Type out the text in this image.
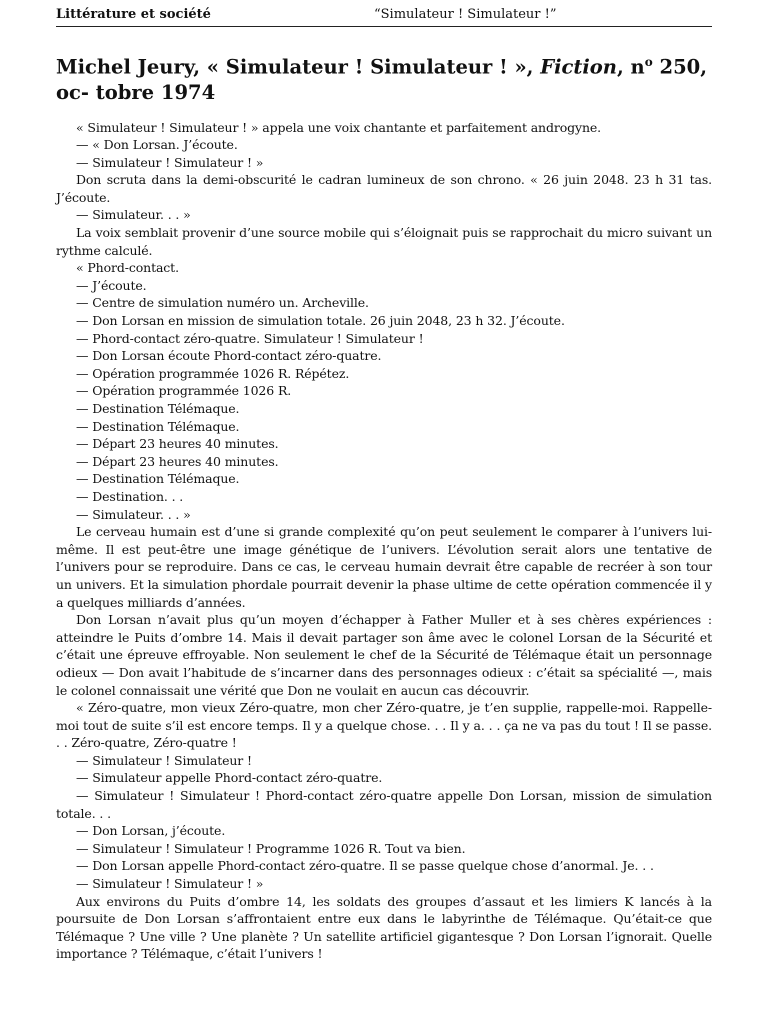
Littérature et société	“Simulateur ! Simulateur !”
Michel Jeury, « Simulateur ! Simulateur ! », Fiction, $n^o$ 250, oc- tobre 1974

« Simulateur ! Simulateur ! » appela une voix chantante et parfaitement androgyne.

— « Don Lorsan. J’écoute.

— Simulateur ! Simulateur ! »

Don scruta dans la demi-obscurité le cadran lumineux de son chrono. « 26 juin 2048. 23 h 31 tas. J’écoute.

— Simulateur. . . »

La voix semblait provenir d’une source mobile qui s’éloignait puis se rapprochait du micro suivant un rythme calculé.

« Phord-contact.

— J’écoute.

— Centre de simulation numéro un. Archeville.

— Don Lorsan en mission de simulation totale. 26 juin 2048, 23 h 32. J’écoute.

— Phord-contact zéro-quatre. Simulateur ! Simulateur !

— Don Lorsan écoute Phord-contact zéro-quatre.

— Opération programmée 1026 R. Répétez.

— Opération programmée 1026 R.

— Destination Télémaque.

— Destination Télémaque.

— Départ 23 heures 40 minutes.

— Départ 23 heures 40 minutes.

— Destination Télémaque.

— Destination. . .

— Simulateur. . . »

Le cerveau humain est d’une si grande complexité qu’on peut seulement le comparer à l’univers lui-même. Il est peut-être une image génétique de l’univers. L’évolution serait alors une tentative de l’univers pour se reproduire. Dans ce cas, le cerveau humain devrait être capable de recréer à son tour un univers. Et la simulation phordale pourrait devenir la phase ultime de cette opération commencée il y a quelques milliards d’années.

Don Lorsan n’avait plus qu’un moyen d’échapper à Father Muller et à ses chères expériences : atteindre le Puits d’ombre 14. Mais il devait partager son âme avec le colonel Lorsan de la Sécurité et c’était une épreuve effroyable. Non seulement le chef de la Sécurité de Télémaque était un personnage odieux — Don avait l’habitude de s’incarner dans des personnages odieux : c’était sa spécialité —, mais le colonel connaissait une vérité que Don ne voulait en aucun cas découvrir.

« Zéro-quatre, mon vieux Zéro-quatre, mon cher Zéro-quatre, je t’en supplie, rappelle-moi. Rappelle-moi tout de suite s’il est encore temps. Il y a quelque chose. . . Il y a. . . ça ne va pas du tout ! Il se passe. . . Zéro-quatre, Zéro-quatre !

— Simulateur ! Simulateur !

— Simulateur appelle Phord-contact zéro-quatre.

— Simulateur ! Simulateur ! Phord-contact zéro-quatre appelle Don Lorsan, mission de simulation totale. . .

— Don Lorsan, j’écoute.

— Simulateur ! Simulateur ! Programme 1026 R. Tout va bien.

— Don Lorsan appelle Phord-contact zéro-quatre. Il se passe quelque chose d’anormal. Je. . .

— Simulateur ! Simulateur ! »

Aux environs du Puits d’ombre 14, les soldats des groupes d’assaut et les limiers K lancés à la poursuite de Don Lorsan s’affrontaient entre eux dans le labyrinthe de Télémaque. Qu’était-ce que Télémaque ? Une ville ? Une planète ? Un satellite artificiel gigantesque ? Don Lorsan l’ignorait. Quelle importance ? Télémaque, c’était l’univers !
